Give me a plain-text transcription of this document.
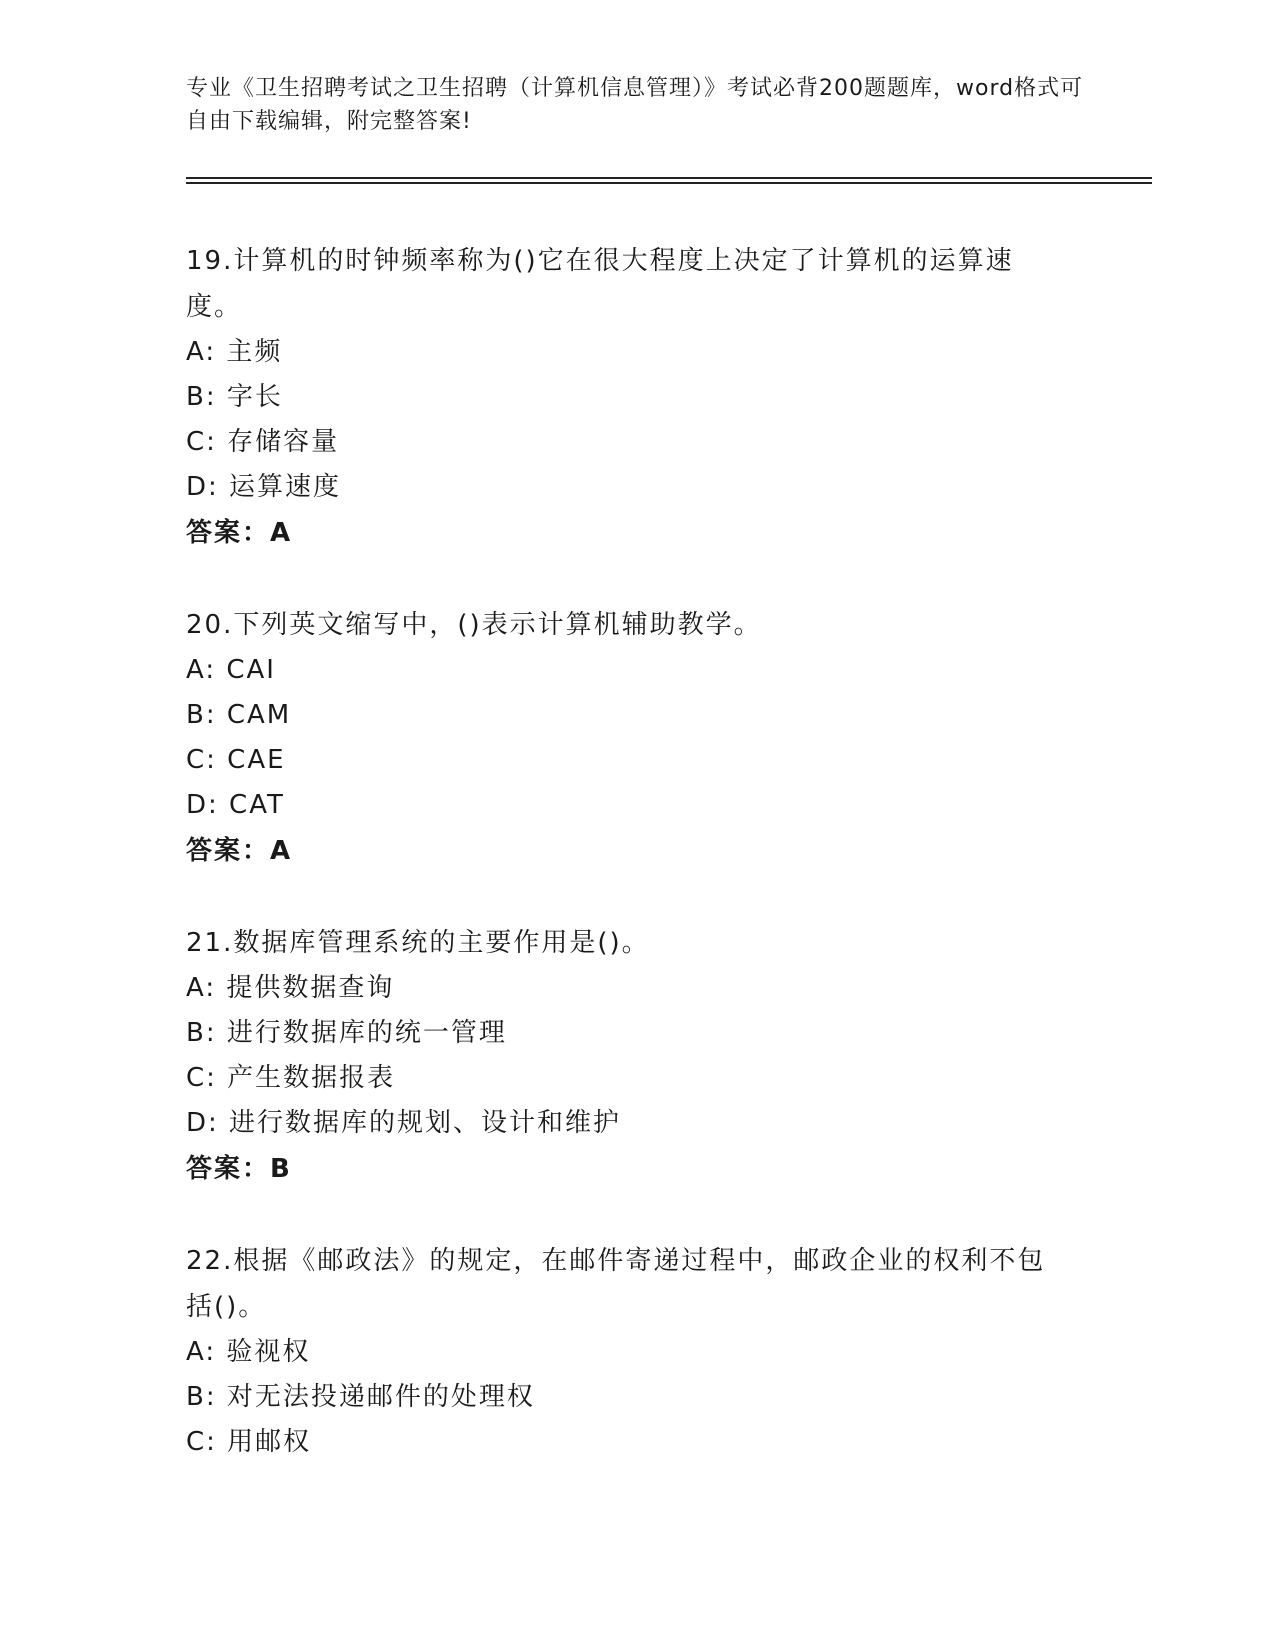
专业《卫生招聘考试之卫生招聘（计算机信息管理）》考试必背200题题库，word格式可自由下载编辑，附完整答案!
19.计算机的时钟频率称为()它在很大程度上决定了计算机的运算速度。
A: 主频
B: 字长
C: 存储容量
D: 运算速度
答案：A
20.下列英文缩写中，()表示计算机辅助教学。
A: CAI
B: CAM
C: CAE
D: CAT
答案：A
21.数据库管理系统的主要作用是()。
A: 提供数据查询
B: 进行数据库的统一管理
C: 产生数据报表
D: 进行数据库的规划、设计和维护
答案：B
22.根据《邮政法》的规定，在邮件寄递过程中，邮政企业的权利不包括()。
A: 验视权
B: 对无法投递邮件的处理权
C: 用邮权
